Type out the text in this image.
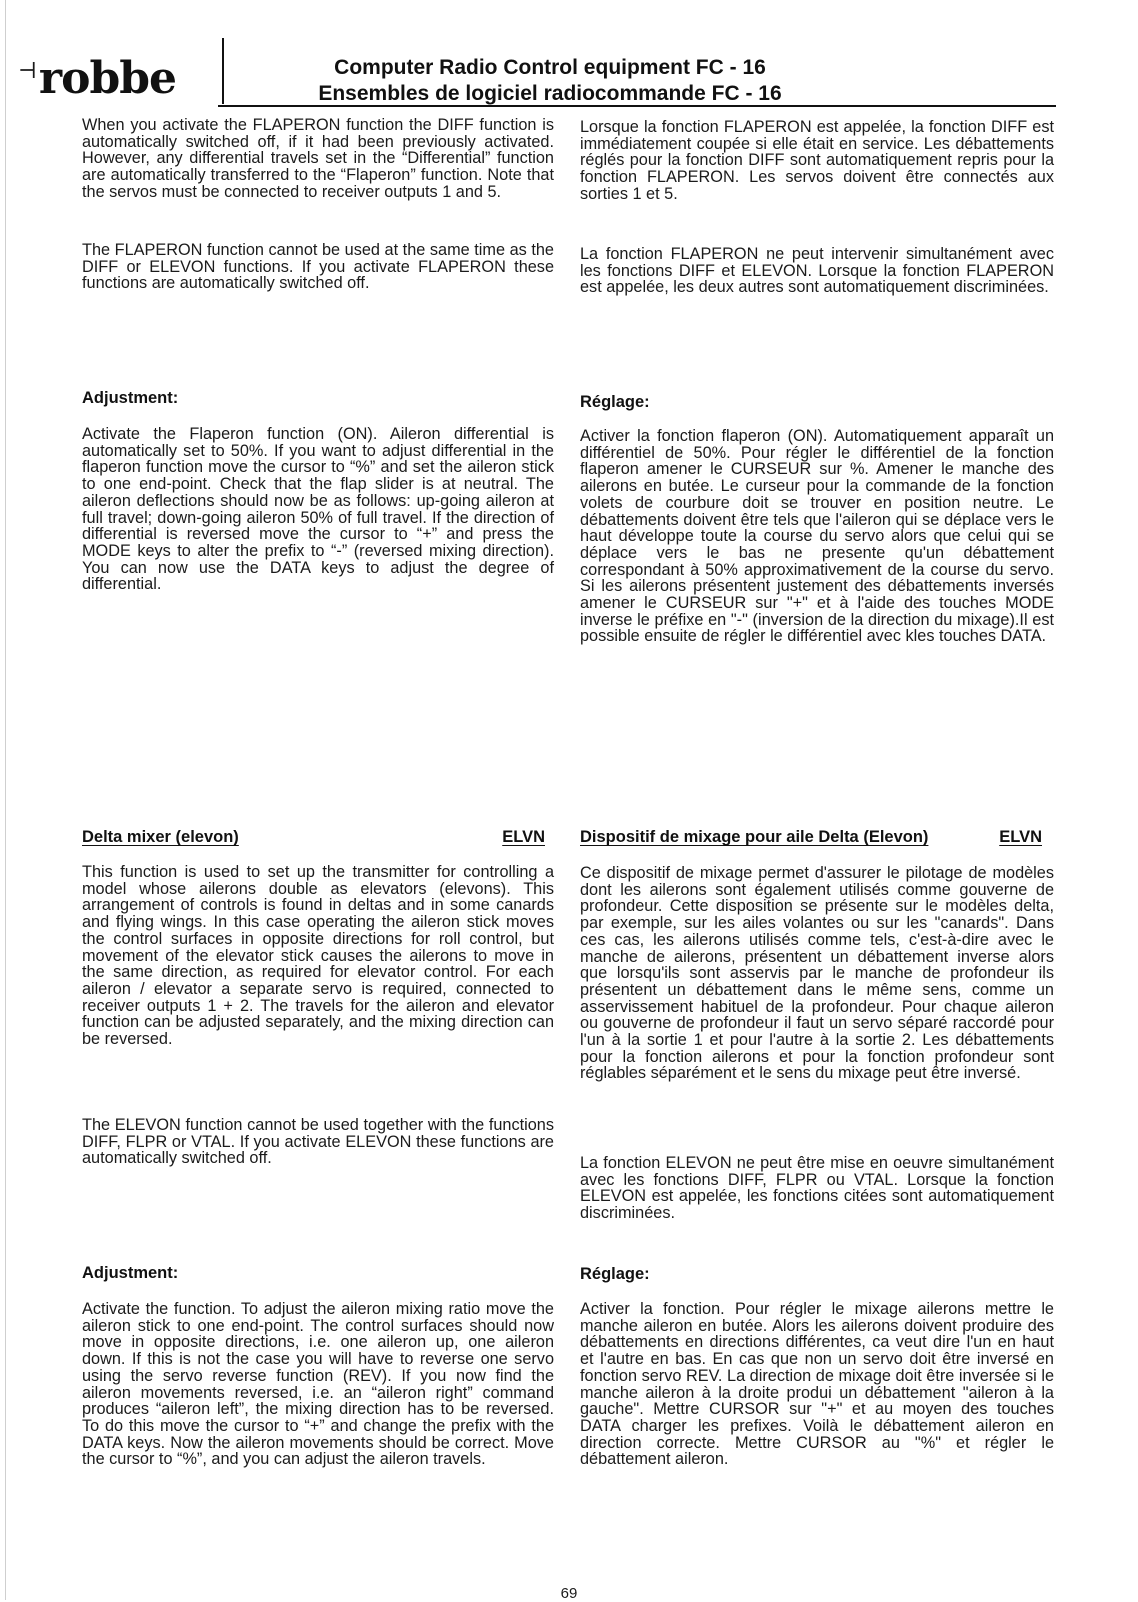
⊣ robbe	Computer Radio Control equipment FC - 16
Ensembles de logiciel radiocommande FC - 16

When you activate the FLAPERON function the DIFF function is automatically switched off, if it had been previously activated. However, any differential travels set in the “Differential” function are automatically transferred to the “Flaperon” function. Note that the servos must be connected to receiver outputs 1 and 5.

The FLAPERON function cannot be used at the same time as the DIFF or ELEVON functions. If you activate FLAPERON these functions are automatically switched off.

Adjustment:

Activate the Flaperon function (ON). Aileron differential is automatically set to 50%. If you want to adjust differential in the flaperon function move the cursor to “%” and set the aileron stick to one end-point. Check that the flap slider is at neutral. The aileron deflections should now be as follows: up-going aileron at full travel; down-going aileron 50% of full travel. If the direction of differential is reversed move the cursor to “+” and press the MODE keys to alter the prefix to “-” (reversed mixing direction). You can now use the DATA keys to adjust the degree of differential.

Delta mixer (elevon)	ELVN

This function is used to set up the transmitter for controlling a model whose ailerons double as elevators (elevons). This arrangement of controls is found in deltas and in some canards and flying wings. In this case operating the aileron stick moves the control surfaces in opposite directions for roll control, but movement of the elevator stick causes the ailerons to move in the same direction, as required for elevator control. For each aileron / elevator a separate servo is required, connected to receiver outputs 1 + 2. The travels for the aileron and elevator function can be adjusted separately, and the mixing direction can be reversed.

The ELEVON function cannot be used together with the functions DIFF, FLPR or VTAL. If you activate ELEVON these functions are automatically switched off.

Adjustment:

Activate the function. To adjust the aileron mixing ratio move the aileron stick to one end-point. The control surfaces should now move in opposite directions, i.e. one aileron up, one aileron down. If this is not the case you will have to reverse one servo using the servo reverse function (REV). If you now find the aileron movements reversed, i.e. an “aileron right” command produces “aileron left”, the mixing direction has to be reversed. To do this move the cursor to “+” and change the prefix with the DATA keys. Now the aileron movements should be correct. Move the cursor to “%”, and you can adjust the aileron travels.

Lorsque la fonction FLAPERON est appelée, la fonction DIFF est immédiatement coupée si elle était en service. Les débattements réglés pour la fonction DIFF sont automatiquement repris pour la fonction FLAPERON. Les servos doivent être connectés aux sorties 1 et 5.

La fonction FLAPERON ne peut intervenir simultanément avec les fonctions DIFF et ELEVON. Lorsque la fonction FLAPERON est appelée, les deux autres sont automatiquement discriminées.

Réglage:

Activer la fonction flaperon (ON). Automatiquement apparaît un différentiel de 50%. Pour régler le différentiel de la fonction flaperon amener le CURSEUR sur %. Amener le manche des ailerons en butée. Le curseur pour la commande de la fonction volets de courbure doit se trouver en position neutre. Le débattements doivent être tels que l'aileron qui se déplace vers le haut développe toute la course du servo alors que celui qui se déplace vers le bas ne presente qu'un débattement correspondant à 50% approximativement de la course du servo. Si les ailerons présentent justement des débattements inversés amener le CURSEUR sur "+" et à l'aide des touches MODE inverse le préfixe en "-" (inversion de la direction du mixage).Il est possible ensuite de régler le différentiel avec kles touches DATA.

Dispositif de mixage pour aile Delta (Elevon)	ELVN

Ce dispositif de mixage permet d'assurer le pilotage de modèles dont les ailerons sont également utilisés comme gouverne de profondeur. Cette disposition se présente sur le modèles delta, par exemple, sur les ailes volantes ou sur les "canards". Dans ces cas, les ailerons utilisés comme tels, c'est-à-dire avec le manche de ailerons, présentent un débattement inverse alors que lorsqu'ils sont asservis par le manche de profondeur ils présentent un débattement dans le même sens, comme un asservissement habituel de la profondeur. Pour chaque aileron ou gouverne de profondeur il faut un servo séparé raccordé pour l'un à la sortie 1 et pour l'autre à la sortie 2. Les débattements pour la fonction ailerons et pour la fonction profondeur sont réglables séparément et le sens du mixage peut être inversé.

La fonction ELEVON ne peut être mise en oeuvre simultanément avec les fonctions DIFF, FLPR ou VTAL. Lorsque la fonction ELEVON est appelée, les fonctions citées sont automatiquement discriminées.

Réglage:

Activer la fonction. Pour régler le mixage ailerons mettre le manche aileron en butée. Alors les ailerons doivent produire des débattements en directions différentes, ca veut dire l'un en haut et l'autre en bas. En cas que non un servo doit être inversé en fonction servo REV. La direction de mixage doit être inversée si le manche aileron à la droite produi un débattement "aileron à la gauche". Mettre CURSOR sur "+" et au moyen des touches DATA charger les prefixes. Voilà le débattement aileron en direction correcte. Mettre CURSOR au "%" et régler le débattement aileron.

69
